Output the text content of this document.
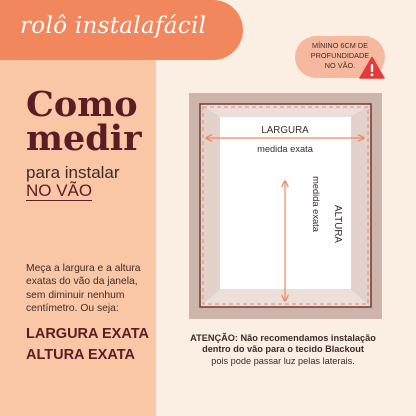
rolô instalafácil
Como
medir
para instalar
NO VÃO
Meça a largura e a altura
exatas do vão da janela,
sem diminuir nenhum
centímetro. Ou seja:
LARGURA EXATA
ALTURA EXATA
MÍNINO 6CM DE
PROFUNDIDADE
NO VÃO.
LARGURA
medida exata
ALTURA
medida exata
ATENÇÃO: Não recomendamos instalação
dentro do vão para o tecido Blackout
pois pode passar luz pelas laterais.
